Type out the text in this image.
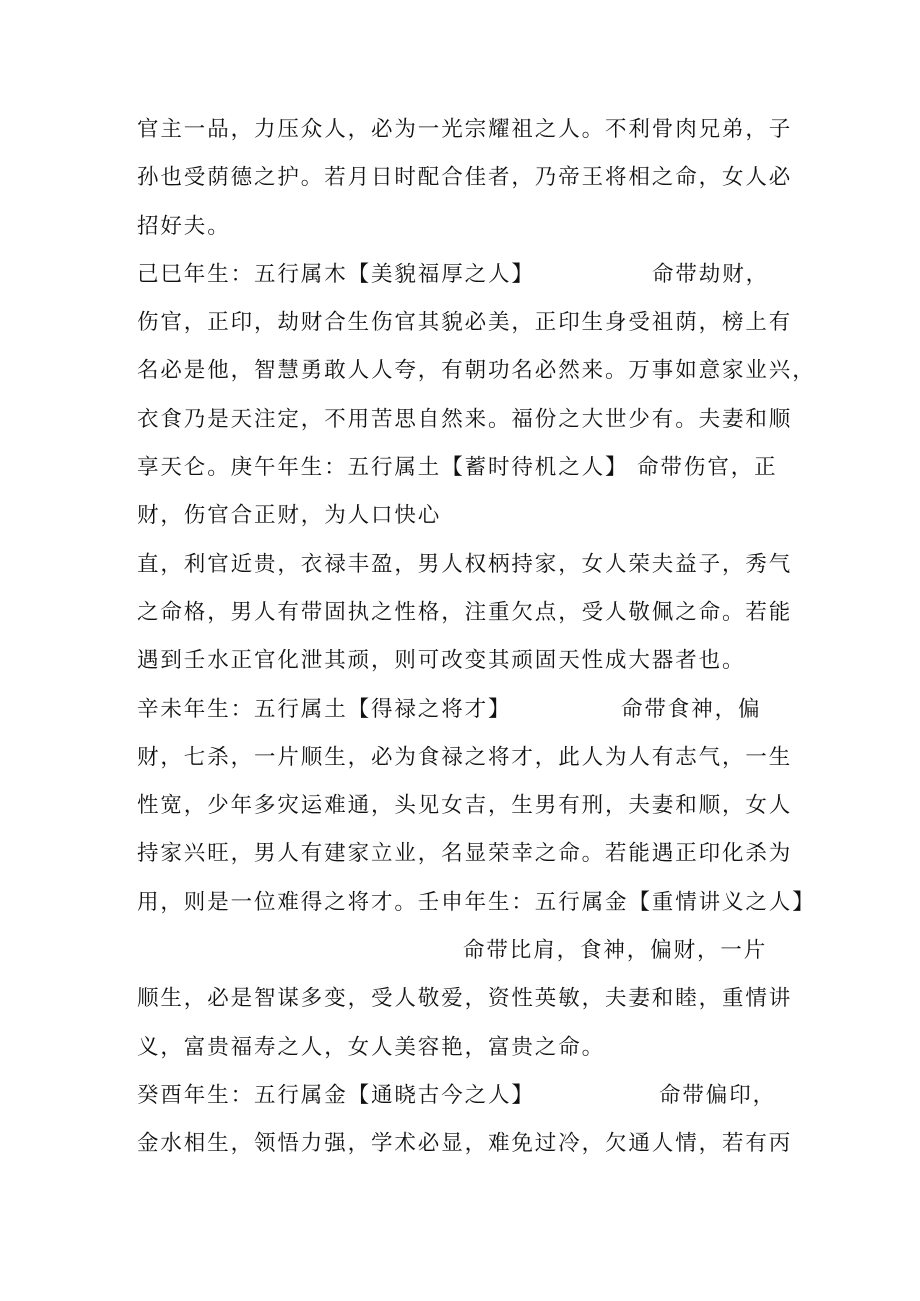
官主一品，力压众人，必为一光宗耀祖之人。不利骨肉兄弟，子
孙也受荫德之护。若月日时配合佳者，乃帝王将相之命，女人必
招好夫。
己巳年生：五行属木【美貌福厚之人】	命带劫财，
伤官，正印，劫财合生伤官其貌必美，正印生身受祖荫，榜上有
名必是他，智慧勇敢人人夸，有朝功名必然来。万事如意家业兴，
衣食乃是天注定，不用苦思自然来。福份之大世少有。夫妻和顺
享天仑。庚午年生：五行属土【蓄时待机之人】 命带伤官，正
财，伤官合正财，为人口快心
直，利官近贵，衣禄丰盈，男人权柄持家，女人荣夫益子，秀气
之命格，男人有带固执之性格，注重欠点，受人敬佩之命。若能
遇到壬水正官化泄其顽，则可改变其顽固天性成大器者也。
辛未年生：五行属土【得禄之将才】	命带食神，偏
财，七杀，一片顺生，必为食禄之将才，此人为人有志气，一生
性宽，少年多灾运难通，头见女吉，生男有刑，夫妻和顺，女人
持家兴旺，男人有建家立业，名显荣幸之命。若能遇正印化杀为
用，则是一位难得之将才。壬申年生：五行属金【重情讲义之人】
命带比肩，食神，偏财，一片
顺生，必是智谋多变，受人敬爱，资性英敏，夫妻和睦，重情讲
义，富贵福寿之人，女人美容艳，富贵之命。
癸酉年生：五行属金【通晓古今之人】	命带偏印，
金水相生，领悟力强，学术必显，难免过冷，欠通人情，若有丙
